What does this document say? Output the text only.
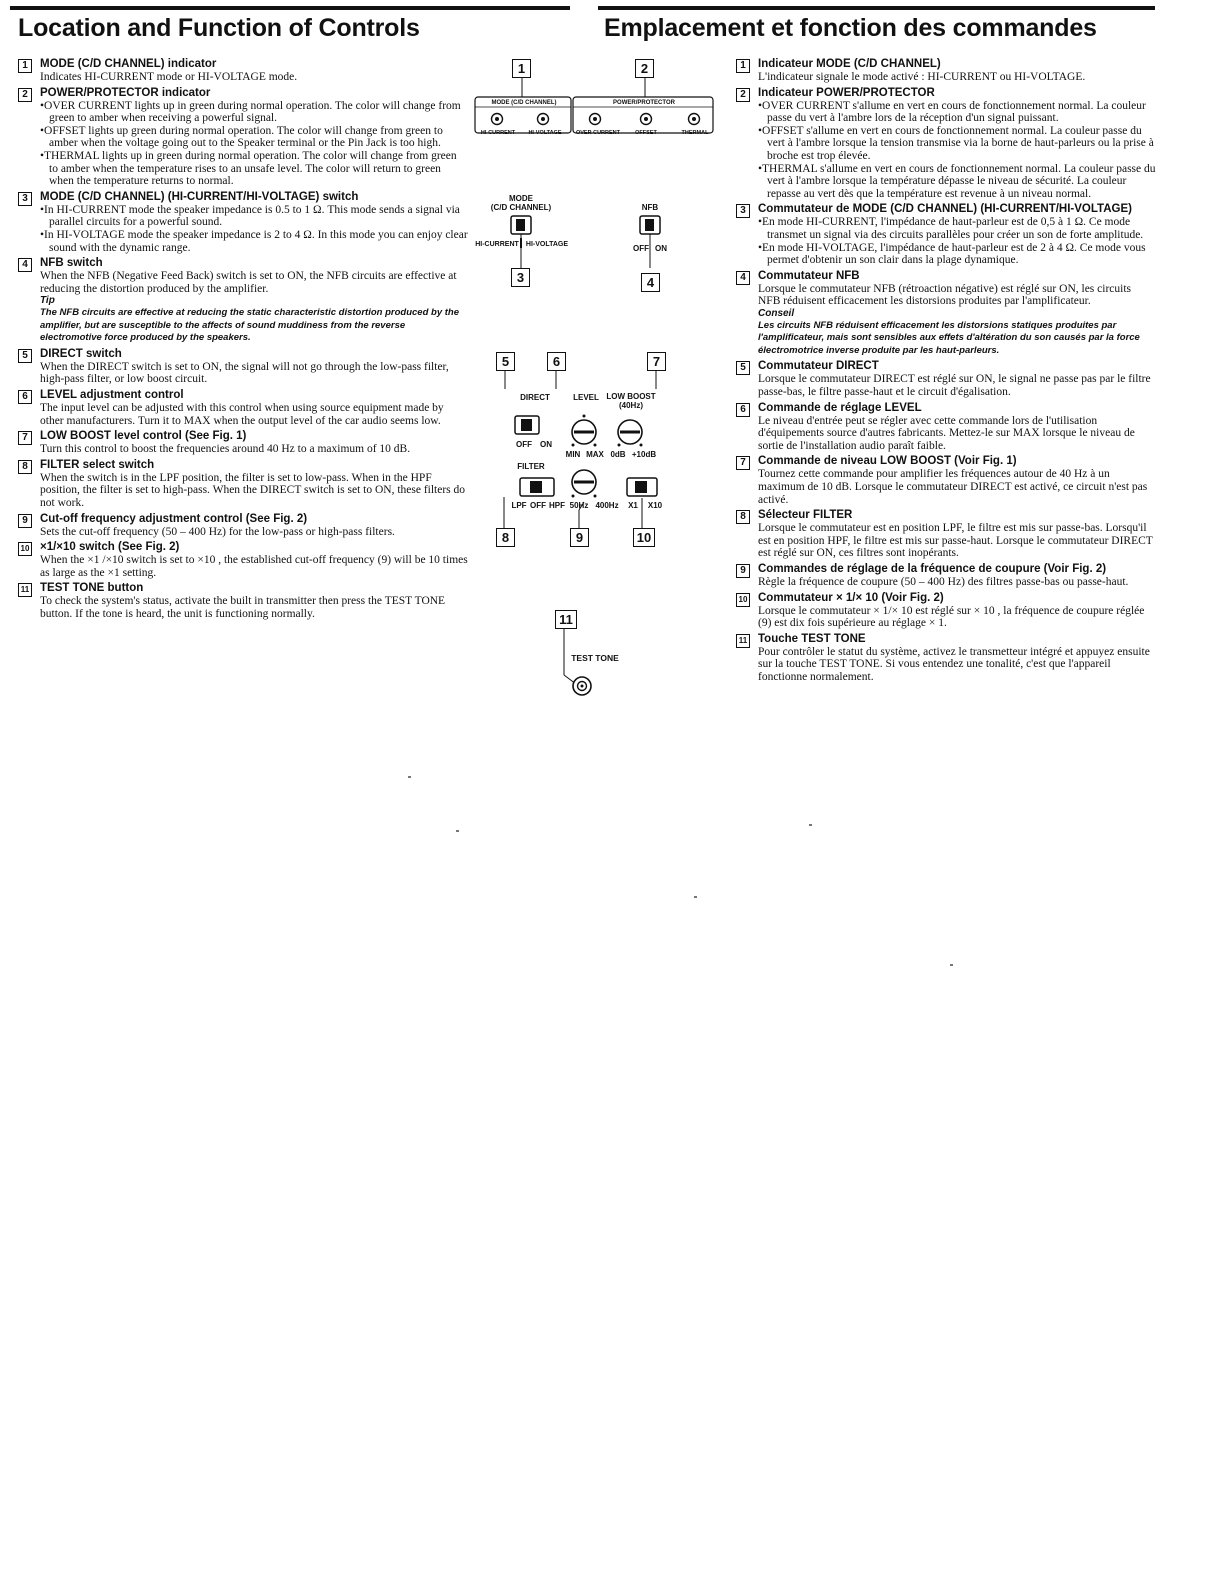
Location and Function of Controls	Emplacement et fonction des commandes
1	MODE (C/D CHANNEL) indicator
Indicates HI-CURRENT mode or HI-VOLTAGE mode.
2	POWER/PROTECTOR indicator
•OVER CURRENT lights up in green during normal operation. The color will change from green to amber when receiving a powerful signal.
•OFFSET lights up green during normal operation. The color will change from green to amber when the voltage going out to the Speaker terminal or the Pin Jack is too high.
•THERMAL lights up in green during normal operation. The color will change from green to amber when the temperature rises to an unsafe level. The color will return to green when the temperature returns to normal.
3	MODE (C/D CHANNEL) (HI-CURRENT/HI-VOLTAGE) switch
•In HI-CURRENT mode the speaker impedance is 0.5 to 1 Ω. This mode sends a signal via parallel circuits for a powerful sound.
•In HI-VOLTAGE mode the speaker impedance is 2 to 4 Ω. In this mode you can enjoy clear sound with the dynamic range.
4	NFB switch
When the NFB (Negative Feed Back) switch is set to ON, the NFB circuits are effective at reducing the distortion produced by the amplifier.
Tip
The NFB circuits are effective at reducing the static characteristic distortion produced by the amplifier, but are susceptible to the affects of sound muddiness from the reverse electromotive force produced by the speakers.
5	DIRECT switch
When the DIRECT switch is set to ON, the signal will not go through the low-pass filter, high-pass filter, or low boost circuit.
6	LEVEL adjustment control
The input level can be adjusted with this control when using source equipment made by other manufacturers. Turn it to MAX when the output level of the car audio seems low.
7	LOW BOOST level control (See Fig. 1)
Turn this control to boost the frequencies around 40 Hz to a maximum of 10 dB.
8	FILTER select switch
When the switch is in the LPF position, the filter is set to low-pass. When in the HPF position, the filter is set to high-pass. When the DIRECT switch is set to ON, these filters do not work.
9	Cut-off frequency adjustment control (See Fig. 2)
Sets the cut-off frequency (50 – 400 Hz) for the low-pass or high-pass filters.
10 ×1/×10 switch (See Fig. 2)
When the ×1 /×10 switch is set to ×10 , the established cut-off frequency (9) will be 10 times as large as the ×1 setting.
11 TEST TONE button
To check the system's status, activate the built in transmitter then press the TEST TONE button. If the tone is heard, the unit is functioning normally.
1	Indicateur MODE (C/D CHANNEL)
L'indicateur signale le mode activé : HI-CURRENT ou HI-VOLTAGE.
2	Indicateur POWER/PROTECTOR
•OVER CURRENT s'allume en vert en cours de fonctionnement normal. La couleur passe du vert à l'ambre lors de la réception d'un signal puissant.
•OFFSET s'allume en vert en cours de fonctionnement normal. La couleur passe du vert à l'ambre lorsque la tension transmise via la borne de haut-parleurs ou la prise à broche est trop élevée.
•THERMAL s'allume en vert en cours de fonctionnement normal. La couleur passe du vert à l'ambre lorsque la température dépasse le niveau de sécurité. La couleur repasse au vert dès que la température est revenue à un niveau normal.
3	Commutateur de MODE (C/D CHANNEL) (HI-CURRENT/HI-VOLTAGE)
•En mode HI-CURRENT, l'impédance de haut-parleur est de 0,5 à 1 Ω. Ce mode transmet un signal via des circuits parallèles pour créer un son de forte amplitude.
•En mode HI-VOLTAGE, l'impédance de haut-parleur est de 2 à 4 Ω. Ce mode vous permet d'obtenir un son clair dans la plage dynamique.
4	Commutateur NFB
Lorsque le commutateur NFB (rétroaction négative) est réglé sur ON, les circuits NFB réduisent efficacement les distorsions produites par l'amplificateur.
Conseil
Les circuits NFB réduisent efficacement les distorsions statiques produites par l'amplificateur, mais sont sensibles aux effets d'altération du son causés par la force électromotrice inverse produite par les haut-parleurs.
5	Commutateur DIRECT
Lorsque le commutateur DIRECT est réglé sur ON, le signal ne passe pas par le filtre passe-bas, le filtre passe-haut et le circuit d'égalisation.
6	Commande de réglage LEVEL
Le niveau d'entrée peut se régler avec cette commande lors de l'utilisation d'équipements source d'autres fabricants. Mettez-le sur MAX lorsque le niveau de sortie de l'installation audio paraît faible.
7	Commande de niveau LOW BOOST (Voir Fig. 1)
Tournez cette commande pour amplifier les fréquences autour de 40 Hz à un maximum de 10 dB. Lorsque le commutateur DIRECT est activé, ce circuit n'est pas activé.
8	Sélecteur FILTER
Lorsque le commutateur est en position LPF, le filtre est mis sur passe-bas. Lorsqu'il est en position HPF, le filtre est mis sur passe-haut. Lorsque le commutateur DIRECT est réglé sur ON, ces filtres sont inopérants.
9	Commandes de réglage de la fréquence de coupure (Voir Fig. 2)
Règle la fréquence de coupure (50 – 400 Hz) des filtres passe-bas ou passe-haut.
10 Commutateur × 1/× 10 (Voir Fig. 2)
Lorsque le commutateur × 1/× 10 est réglé sur × 10 , la fréquence de coupure réglée (9) est dix fois supérieure au réglage × 1.
11 Touche TEST TONE
Pour contrôler le statut du système, activez le transmetteur intégré et appuyez ensuite sur la touche TEST TONE. Si vous entendez une tonalité, c'est que l'appareil fonctionne normalement.
1	2
3	4
5	6	7
8	9	10
11
MODE (C/D CHANNEL)
HI-CURRENT	HI-VOLTAGE
POWER/PROTECTOR
OVER CURRENT	OFFSET	THERMAL
MODE
(C/D CHANNEL)
HI-CURRENT	HI-VOLTAGE
NFB
OFF ON
DIRECT
OFF	ON
LEVEL
MIN MAX
LOW BOOST
(40Hz)
0dB +10dB
FILTER
LPF OFF HPF 50Hz 400Hz	X1	X10
TEST TONE
